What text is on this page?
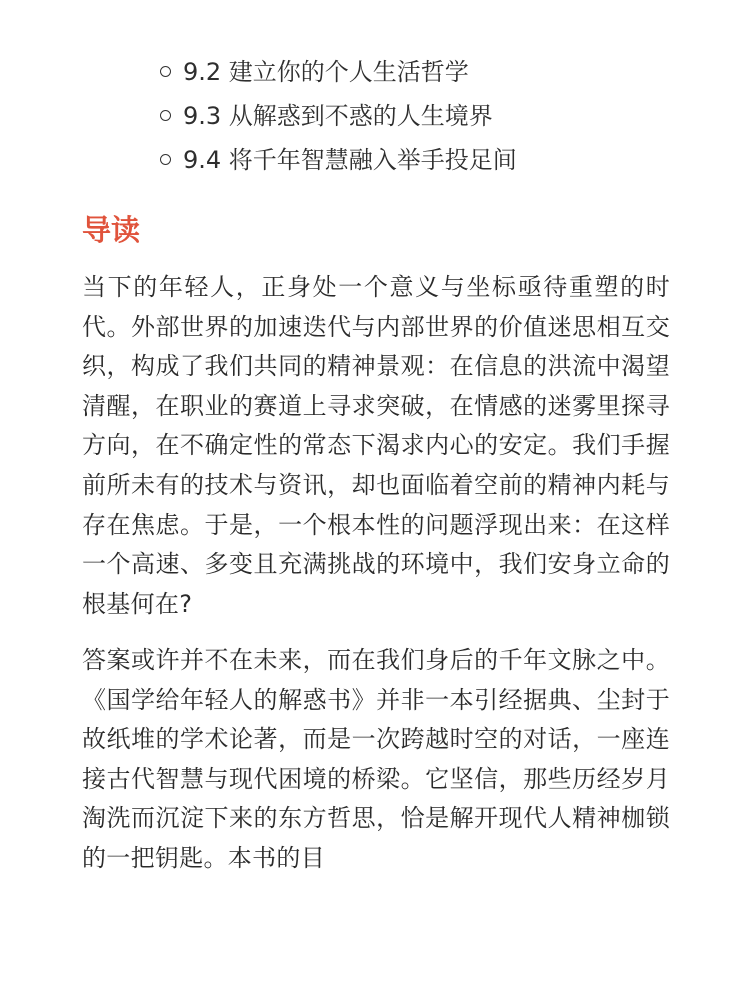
9.2 建立你的个人生活哲学
9.3 从解惑到不惑的人生境界
9.4 将千年智慧融入举手投足间
导读

当下的年轻人，正身处一个意义与坐标亟待重塑的时代。外部世界的加速迭代与内部世界的价值迷思相互交织，构成了我们共同的精神景观：在信息的洪流中渴望清醒，在职业的赛道上寻求突破，在情感的迷雾里探寻方向，在不确定性的常态下渴求内心的安定。我们手握前所未有的技术与资讯，却也面临着空前的精神内耗与存在焦虑。于是，一个根本性的问题浮现出来：在这样一个高速、多变且充满挑战的环境中，我们安身立命的根基何在?

答案或许并不在未来，而在我们身后的千年文脉之中。《国学给年轻人的解惑书》并非一本引经据典、尘封于故纸堆的学术论著，而是一次跨越时空的对话，一座连接古代智慧与现代困境的桥梁。它坚信，那些历经岁月淘洗而沉淀下来的东方哲思，恰是解开现代人精神枷锁的一把钥匙。本书的目
